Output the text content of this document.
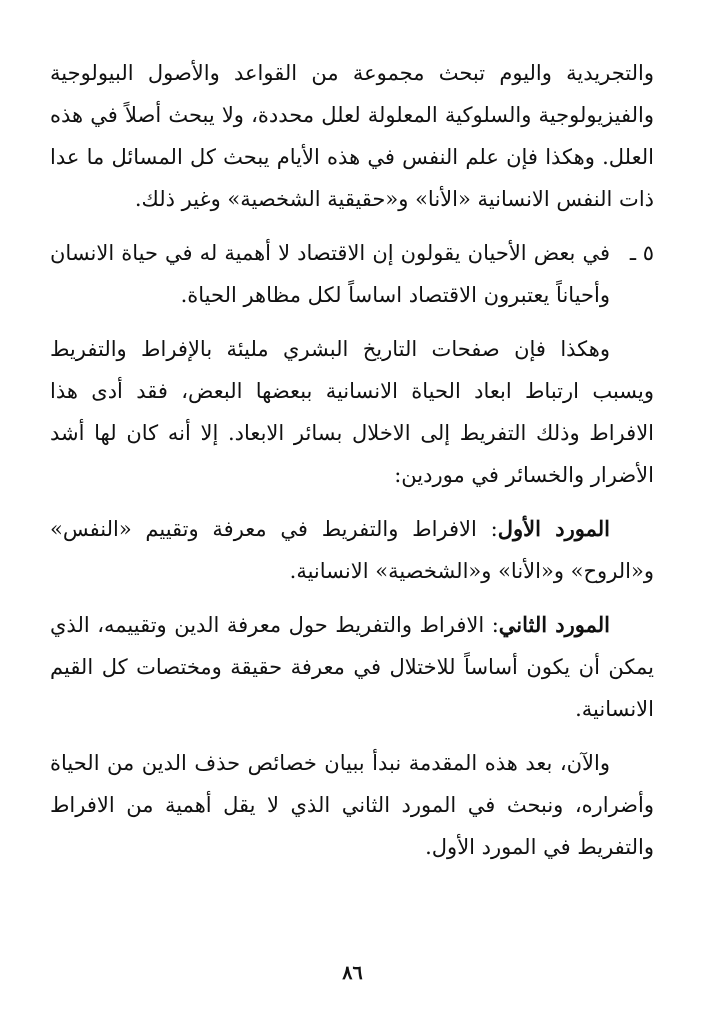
والتجريدية واليوم تبحث مجموعة من القواعد والأصول البيولوجية والفيزيولوجية والسلوكية المعلولة لعلل محددة، ولا يبحث أصلاً في هذه العلل. وهكذا فإن علم النفس في هذه الأيام يبحث كل المسائل ما عدا ذات النفس الانسانية «الأنا» و«حقيقية الشخصية» وغير ذلك.

٥ ـ
في بعض الأحيان يقولون إن الاقتصاد لا أهمية له في حياة الانسان وأحياناً يعتبرون الاقتصاد اساساً لكل مظاهر الحياة.

وهكذا فإن صفحات التاريخ البشري مليئة بالإفراط والتفريط ويسبب ارتباط ابعاد الحياة الانسانية ببعضها البعض، فقد أدى هذا الافراط وذلك التفريط إلى الاخلال بسائر الابعاد. إلا أنه كان لها أشد الأضرار والخسائر في موردين:

المورد الأول: الافراط والتفريط في معرفة وتقييم «النفس» و«الروح» و«الأنا» و«الشخصية» الانسانية.

المورد الثاني: الافراط والتفريط حول معرفة الدين وتقييمه، الذي يمكن أن يكون أساساً للاختلال في معرفة حقيقة ومختصات كل القيم الانسانية.

والآن، بعد هذه المقدمة نبدأ ببيان خصائص حذف الدين من الحياة وأضراره، ونبحث في المورد الثاني الذي لا يقل أهمية من الافراط والتفريط في المورد الأول.

٨٦
